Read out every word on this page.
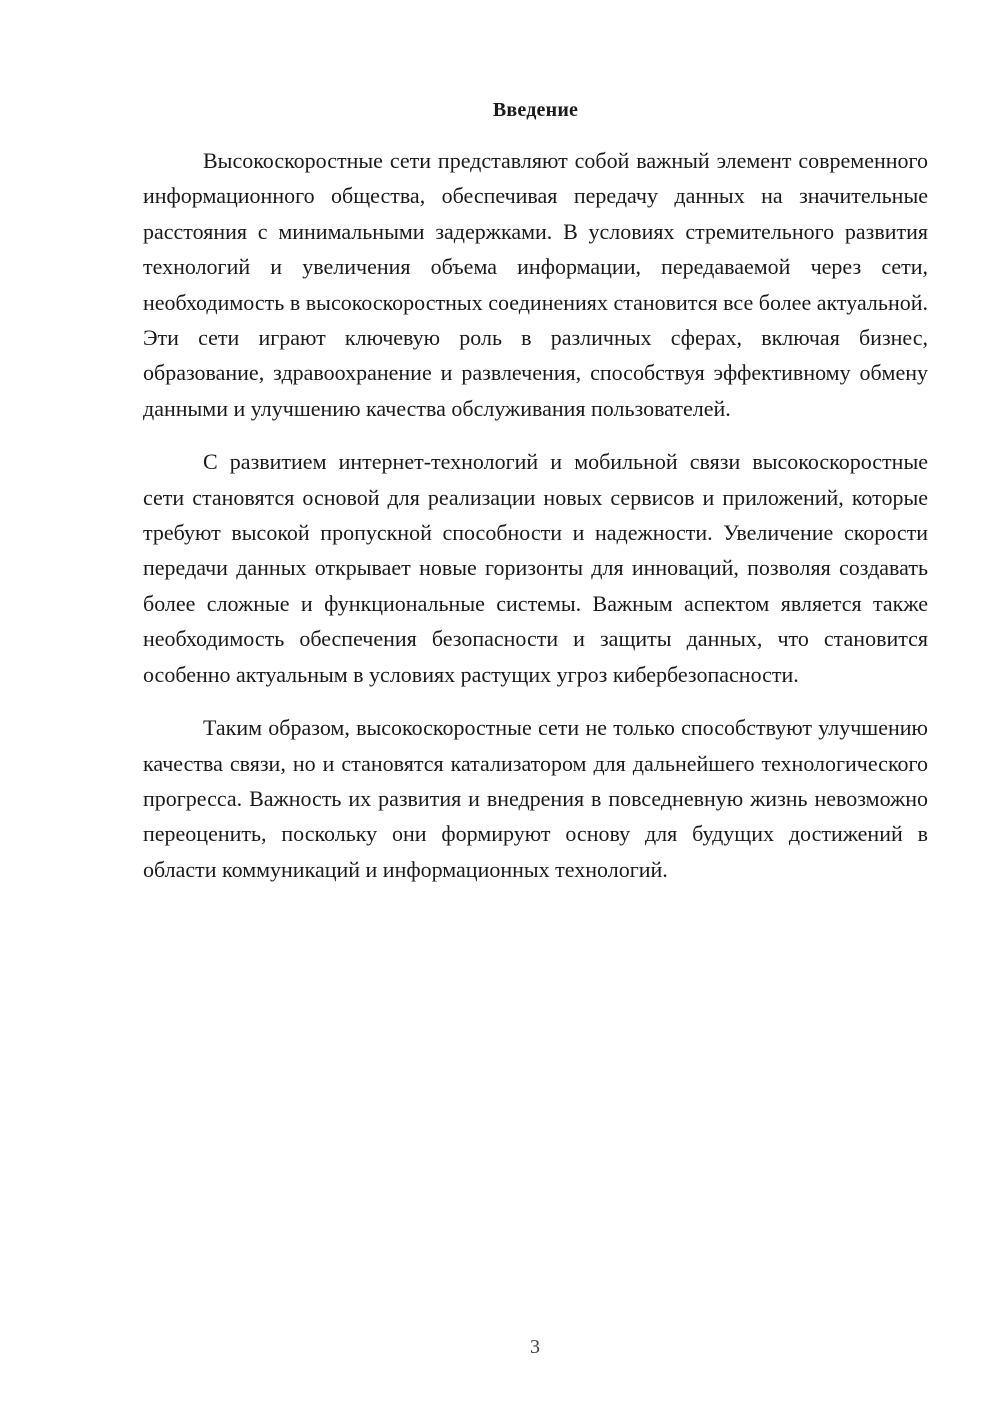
Введение

Высокоскоростные сети представляют собой важный элемент современного информационного общества, обеспечивая передачу данных на значительные расстояния с минимальными задержками. В условиях стремительного развития технологий и увеличения объема информации, передаваемой через сети, необходимость в высокоскоростных соединениях становится все более актуальной. Эти сети играют ключевую роль в различных сферах, включая бизнес, образование, здравоохранение и развлечения, способствуя эффективному обмену данными и улучшению качества обслуживания пользователей.

С развитием интернет-технологий и мобильной связи высокоскоростные сети становятся основой для реализации новых сервисов и приложений, которые требуют высокой пропускной способности и надежности. Увеличение скорости передачи данных открывает новые горизонты для инноваций, позволяя создавать более сложные и функциональные системы. Важным аспектом является также необходимость обеспечения безопасности и защиты данных, что становится особенно актуальным в условиях растущих угроз кибербезопасности.

Таким образом, высокоскоростные сети не только способствуют улучшению качества связи, но и становятся катализатором для дальнейшего технологического прогресса. Важность их развития и внедрения в повседневную жизнь невозможно переоценить, поскольку они формируют основу для будущих достижений в области коммуникаций и информационных технологий.

3
